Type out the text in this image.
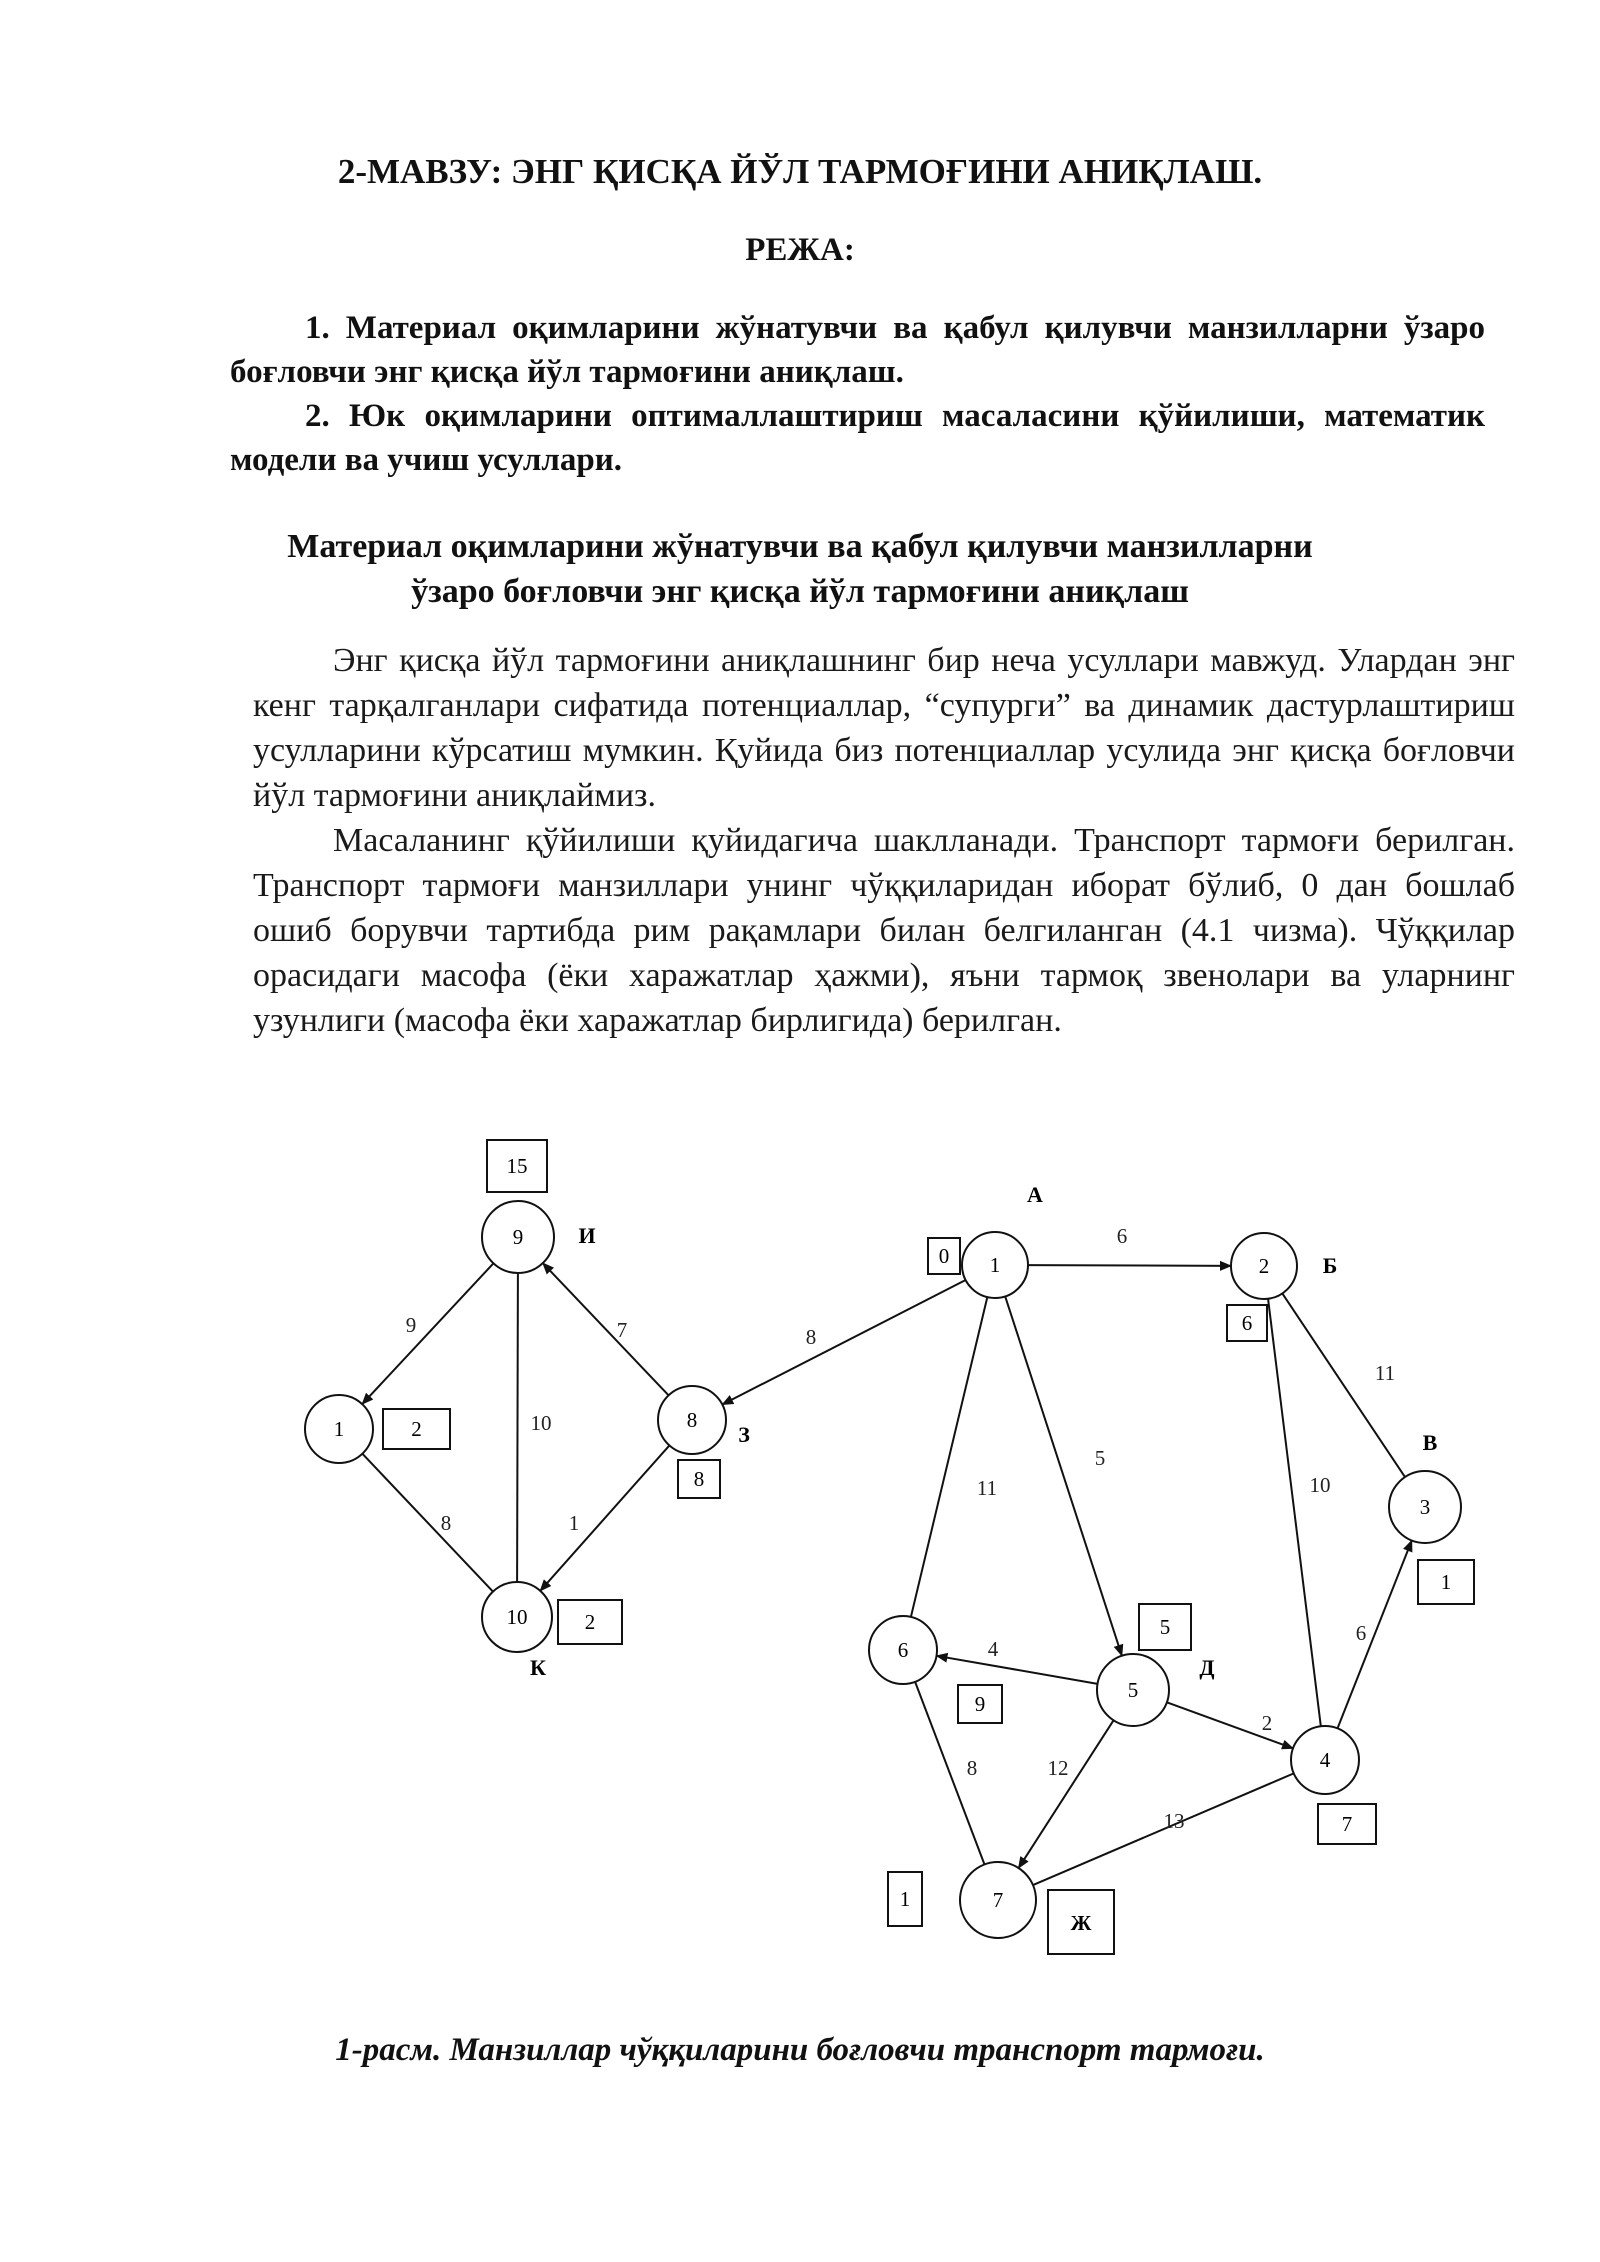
2-МАВЗУ: ЭНГ ҚИСҚА ЙЎЛ ТАРМОҒИНИ АНИҚЛАШ.
РЕЖА:

1. Материал оқимларини жўнатувчи ва қабул қилувчи манзилларни ўзаро боғловчи энг қисқа йўл тармоғини аниқлаш.

2. Юк оқимларини оптималлаштириш масаласини қўйилиши, математик модели ва учиш усуллари.

Материал оқимларини жўнатувчи ва қабул қилувчи манзилларни
ўзаро боғловчи энг қисқа йўл тармоғини аниқлаш

Энг қисқа йўл тармоғини аниқлашнинг бир неча усуллари мавжуд. Улардан энг кенг тарқалганлари сифатида потенциаллар, “супурги” ва динамик дастурлаштириш усулларини кўрсатиш мумкин. Қуйида биз потенциаллар усулида энг қисқа боғловчи йўл тармоғини аниқлаймиз.

Масаланинг қўйилиши қуйидагича шаклланади. Транспорт тармоғи берилган. Транспорт тармоғи манзиллари унинг чўққиларидан иборат бўлиб, 0 дан бошлаб ошиб борувчи тартибда рим рақамлари билан белгиланган (4.1 чизма). Чўққилар орасидаги масофа (ёки харажатлар ҳажми), яъни тармоқ звенолари ва уларнинг узунлиги (масофа ёки харажатлар бирлигида) берилган.

6
8
5
11
11
10
6
2
4
12
8
13
7
1
9
10
8
1
0
А
2
6
Б
3
1
В
4
7
5
5
Д
6
9
7
1
Ж
8
8
З
9
15
И
1	2
10	2
К
1-расм. Манзиллар чўққиларини боғловчи транспорт тармоғи.
